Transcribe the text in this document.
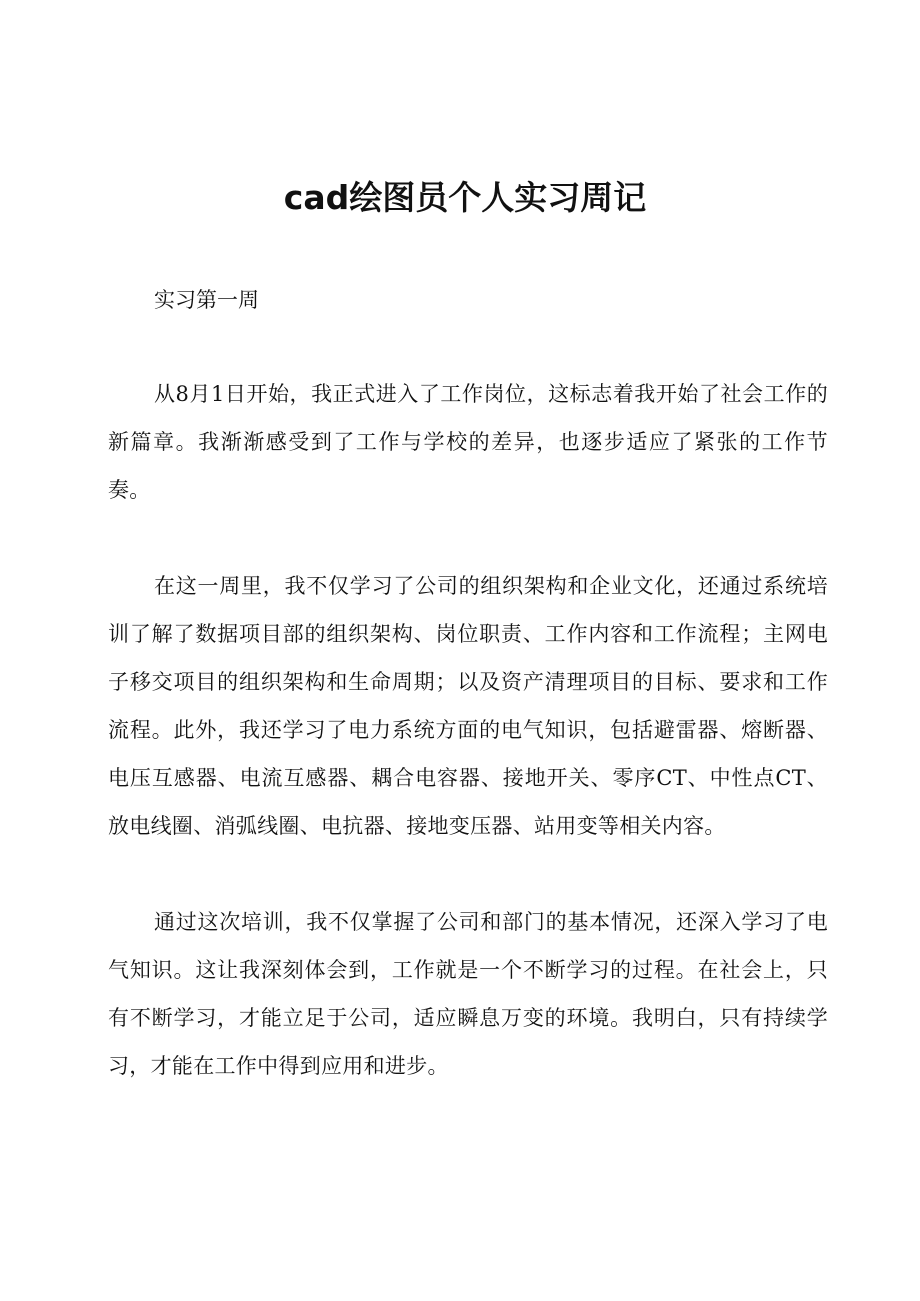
cad绘图员个人实习周记

实习第一周

从8月1日开始，我正式进入了工作岗位，这标志着我开始了社会工作的新篇章。我渐渐感受到了工作与学校的差异，也逐步适应了紧张的工作节奏。

在这一周里，我不仅学习了公司的组织架构和企业文化，还通过系统培训了解了数据项目部的组织架构、岗位职责、工作内容和工作流程；主网电子移交项目的组织架构和生命周期；以及资产清理项目的目标、要求和工作流程。此外，我还学习了电力系统方面的电气知识，包括避雷器、熔断器、电压互感器、电流互感器、耦合电容器、接地开关、零序CT、中性点CT、放电线圈、消弧线圈、电抗器、接地变压器、站用变等相关内容。

通过这次培训，我不仅掌握了公司和部门的基本情况，还深入学习了电气知识。这让我深刻体会到，工作就是一个不断学习的过程。在社会上，只有不断学习，才能立足于公司，适应瞬息万变的环境。我明白，只有持续学习，才能在工作中得到应用和进步。
